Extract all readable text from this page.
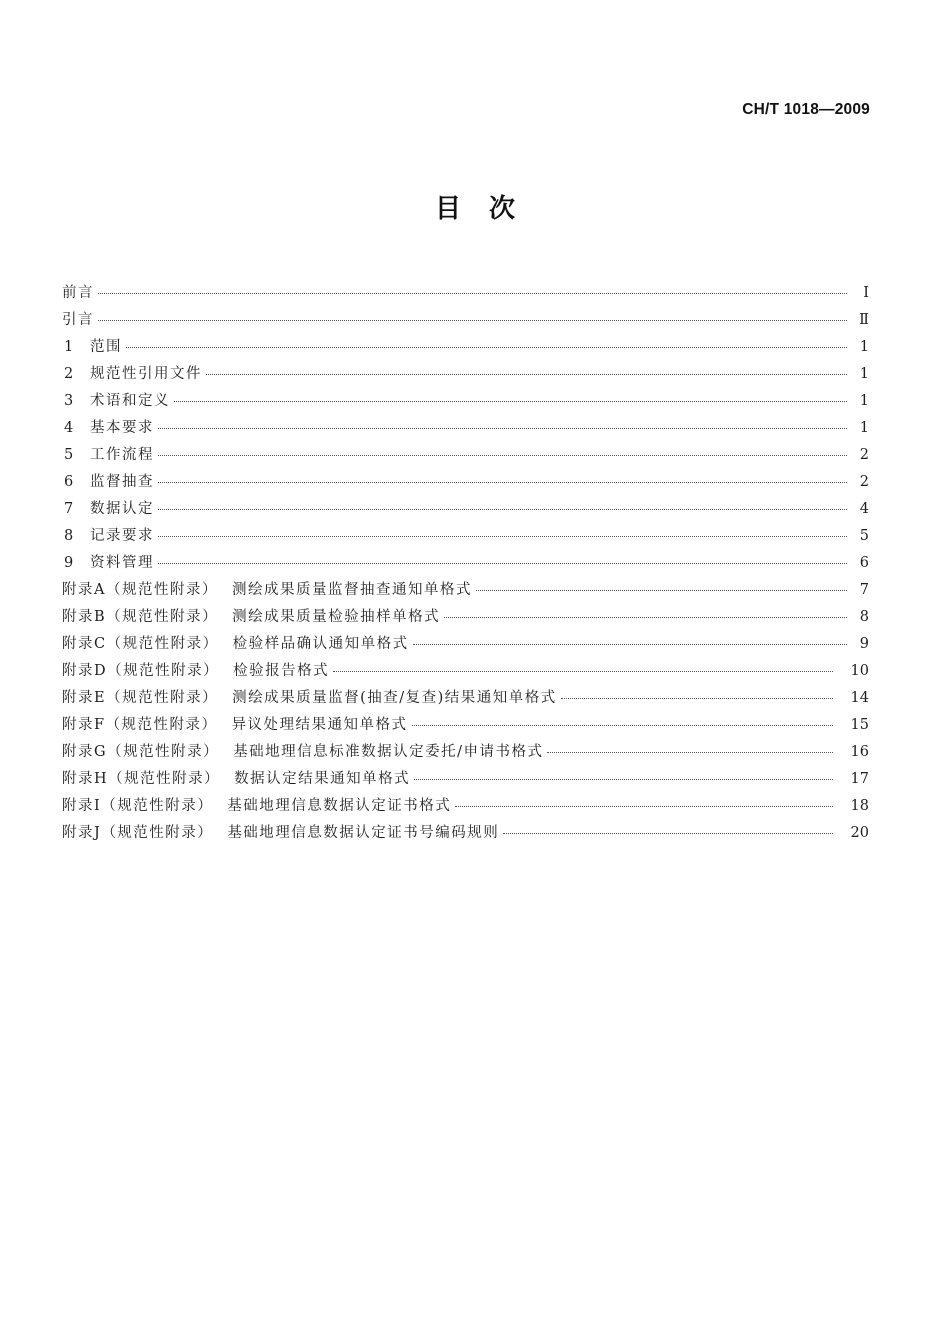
CH/T 1018—2009
目次
前言	Ⅰ
引言	Ⅱ
1	范围	1
2	规范性引用文件	1
3	术语和定义	1
4	基本要求	1
5	工作流程	2
6	监督抽查	2
7	数据认定	4
8	记录要求	5
9	资料管理	6
附录A（规范性附录） 测绘成果质量监督抽查通知单格式	7
附录B（规范性附录） 测绘成果质量检验抽样单格式	8
附录C（规范性附录） 检验样品确认通知单格式	9
附录D（规范性附录） 检验报告格式	10
附录E（规范性附录） 测绘成果质量监督(抽查/复查)结果通知单格式	14
附录F（规范性附录） 异议处理结果通知单格式	15
附录G（规范性附录） 基础地理信息标准数据认定委托/申请书格式	16
附录H（规范性附录） 数据认定结果通知单格式	17
附录I（规范性附录） 基础地理信息数据认定证书格式	18
附录J（规范性附录） 基础地理信息数据认定证书号编码规则	20
